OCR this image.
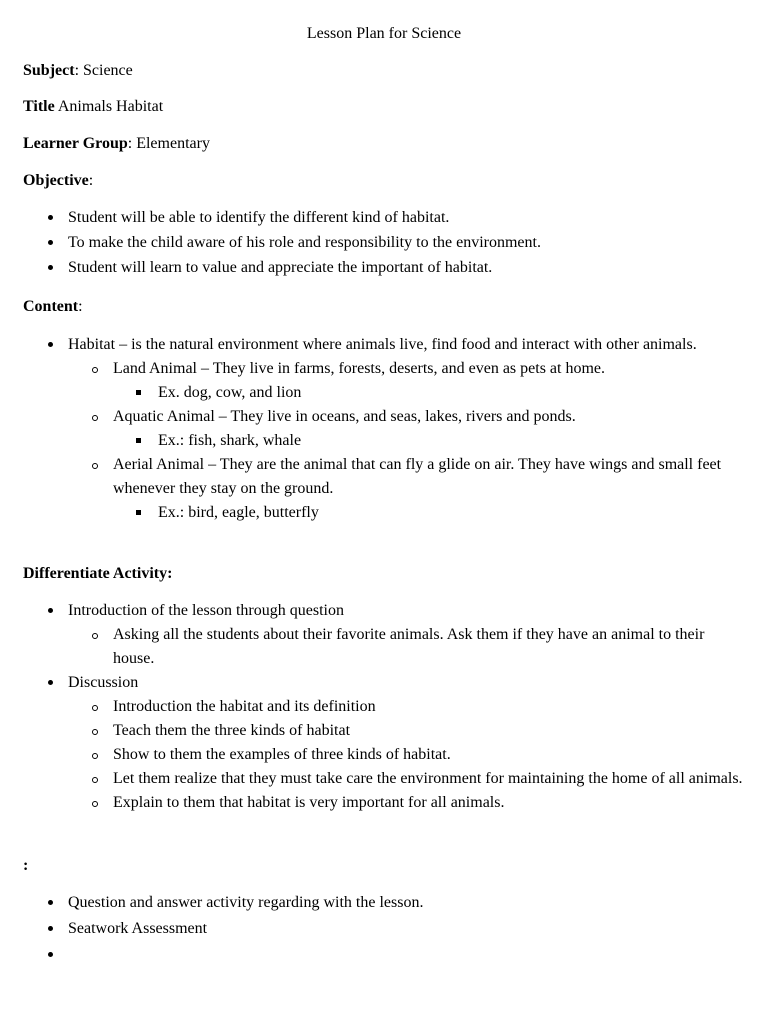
Lesson Plan for Science
Subject: Science
Title Animals Habitat
Learner Group: Elementary
Objective:
Student will be able to identify the different kind of habitat.
To make the child aware of his role and responsibility to the environment.
Student will learn to value and appreciate the important of habitat.
Content:
Habitat – is the natural environment where animals live, find food and interact with other animals.
Land Animal – They live in farms, forests, deserts, and even as pets at home.
Ex. dog, cow, and lion
Aquatic Animal – They live in oceans, and seas, lakes, rivers and ponds.
Ex.: fish, shark, whale
Aerial Animal – They are the animal that can fly a glide on air. They have wings and small feet whenever they stay on the ground.
Ex.: bird, eagle, butterfly
Differentiate Activity:
Introduction of the lesson through question
Asking all the students about their favorite animals. Ask them if they have an animal to their house.
Discussion
Introduction the habitat and its definition
Teach them the three kinds of habitat
Show to them the examples of three kinds of habitat.
Let them realize that they must take care the environment for maintaining the home of all animals.
Explain to them that habitat is very important for all animals.
:
Question and answer activity regarding with the lesson.
Seatwork Assessment
